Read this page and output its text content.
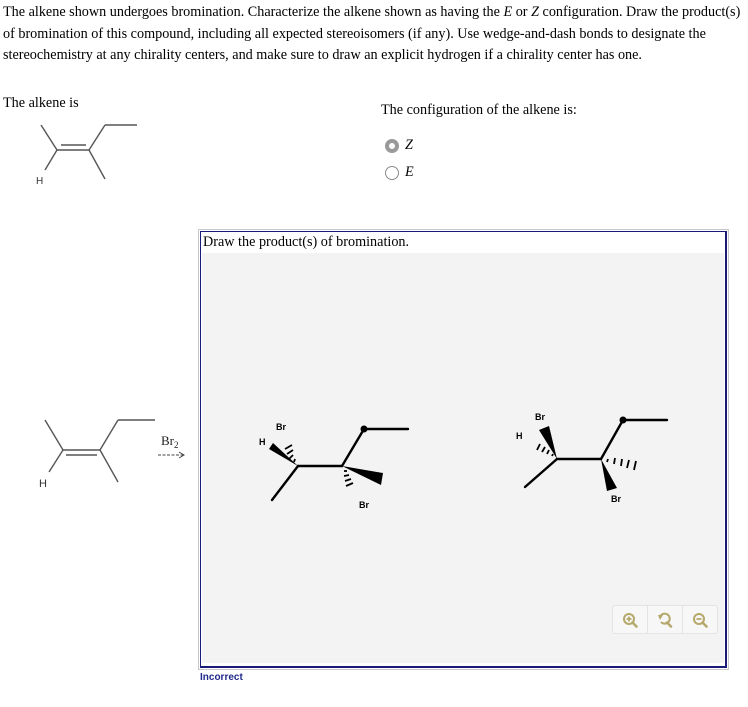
The alkene shown undergoes bromination. Characterize the alkene shown as having the E or Z configuration. Draw the product(s) of bromination of this compound, including all expected stereoisomers (if any). Use wedge-and-dash bonds to designate the stereochemistry at any chirality centers, and make sure to draw an explicit hydrogen if a chirality center has one.
The alkene is
H
The configuration of the alkene is:
Z
E
H
$Br_2$
Draw the product(s) of bromination.
Br
H
Br
Br
H
Br
Incorrect
